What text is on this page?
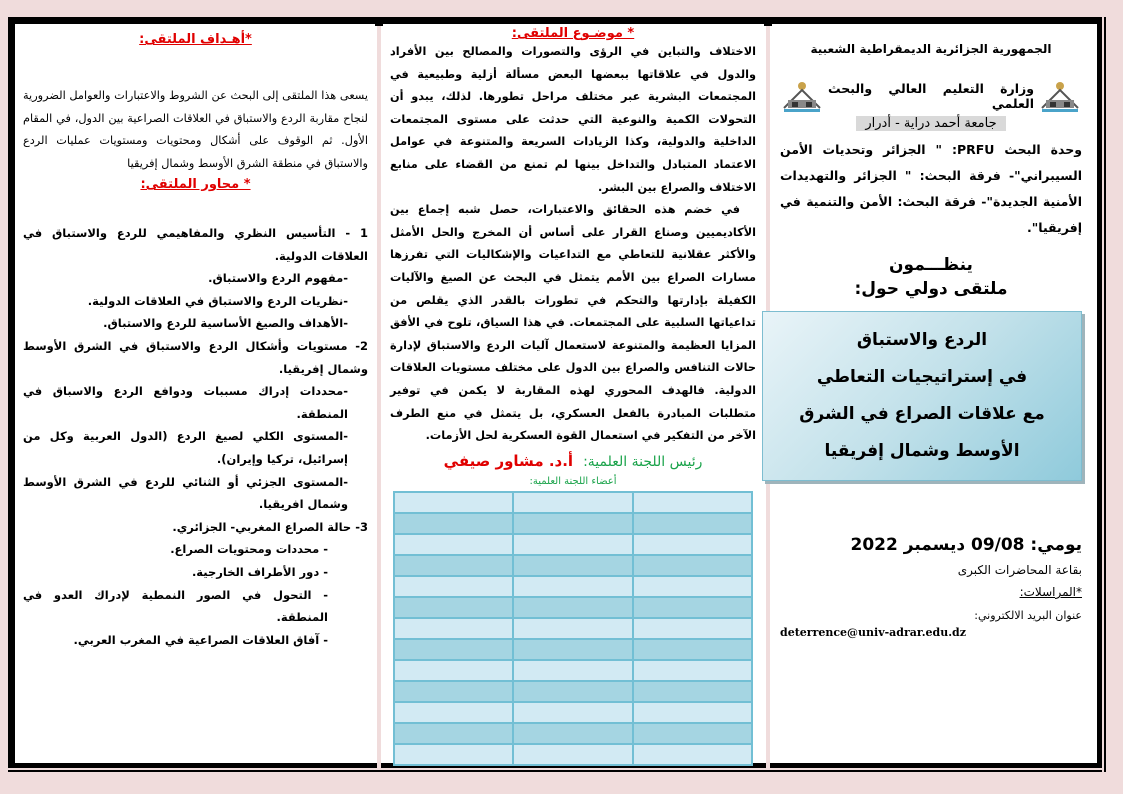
*أهـداف الملتقى:
يسعى هذا الملتقى إلى البحث عن الشروط والاعتبارات والعوامل الضرورية لنجاح مقاربة الردع والاستباق في العلاقات الصراعية بين الدول، في المقام الأول. ثم الوقوف على أشكال ومحتويات ومستويات عمليات الردع والاستباق في منطقة الشرق الأوسط وشمال إفريقيا
* محاور الملتقى:
1 - التأسيس النظري والمفاهيمي للردع والاستباق في العلاقات الدولية.
-مفهوم الردع والاستباق.
-نظريات الردع والاستباق في العلاقات الدولية.
-الأهداف والصيغ الأساسية للردع والاستباق.
2- مستويات وأشكال الردع والاستباق في الشرق الأوسط وشمال إفريقيا.
-محددات إدراك مسببات ودوافع الردع والاسباق في المنطقة.
-المستوى الكلي لصيغ الردع (الدول العربية وكل من إسرائيل، تركيا وإيران).
-المستوى الجزئي أو الثنائي للردع في الشرق الأوسط وشمال افريقيا.
3- حالة الصراع المغربي- الجزائري.
- محددات ومحتويات الصراع.
- دور الأطراف الخارجية.
- التحول في الصور النمطية لإدراك العدو في المنطقة.
- آفاق العلاقات الصراعية في المغرب العربي.
* موضـوع الملتقى:

الاختلاف والتباين في الرؤى والتصورات والمصالح بين الأفراد والدول في علاقاتها ببعضها البعض مسألة أزلية وطبيعية في المجتمعات البشرية عبر مختلف مراحل تطورها. لذلك، يبدو أن التحولات الكمية والنوعية التي حدثت على مستوى المجتمعات الداخلية والدولية، وكذا الزيادات السريعة والمتنوعة في عوامل الاعتماد المتبادل والتداخل بينها لم تمنع من القضاء على منابع الاختلاف والصراع بين البشر.

في خضم هذه الحقائق والاعتبارات، حصل شبه إجماع بين الأكاديميين وصناع القرار على أساس أن المخرج والحل الأمثل والأكثر عقلانية للتعاطي مع التداعيات والإشكاليات التي تفرزها مسارات الصراع بين الأمم يتمثل في البحث عن الصيغ والآليات الكفيلة بإدارتها والتحكم في تطورات بالقدر الذي يقلص من تداعياتها السلبية على المجتمعات. في هذا السياق، تلوح في الأفق المزايا العظيمة والمتنوعة لاستعمال آليات الردع والاستباق لإدارة حالات التنافس والصراع بين الدول على مختلف مستويات العلاقات الدولية. فالهدف المحوري لهذه المقاربة لا يكمن في توفير متطلبات المبادرة بالفعل العسكري، بل يتمثل في منع الطرف الآخر من التفكير في استعمال القوة العسكرية لحل الأزمات.

رئيس اللجنة العلمية:
أ.د. مشاور صيفي
أعضاء اللجنة العلمية:

الجمهورية الجزائرية الديمقراطية الشعبية
وزارة التعليم العالي والبحث العلمي
جامعة أحمد دراية - أدرار
وحدة البحث PRFU: " الجزائر وتحديات الأمن السيبراني"- فرقة البحث: " الجزائر والتهديدات الأمنية الجديدة"- فرقة البحث: الأمن والتنمية في إفريقيا".
ينظـــمون
ملتقى دولي حول:
الردع والاستباق
في إستراتيجيات التعاطي
مع علاقات الصراع في الشرق
الأوسط وشمال إفريقيا
يومي: 09/08 ديسمبر 2022
بقاعة المحاضرات الكبرى
*المراسلات:
عنوان البريد الالكتروني:
deterrence@univ-adrar.edu.dz
